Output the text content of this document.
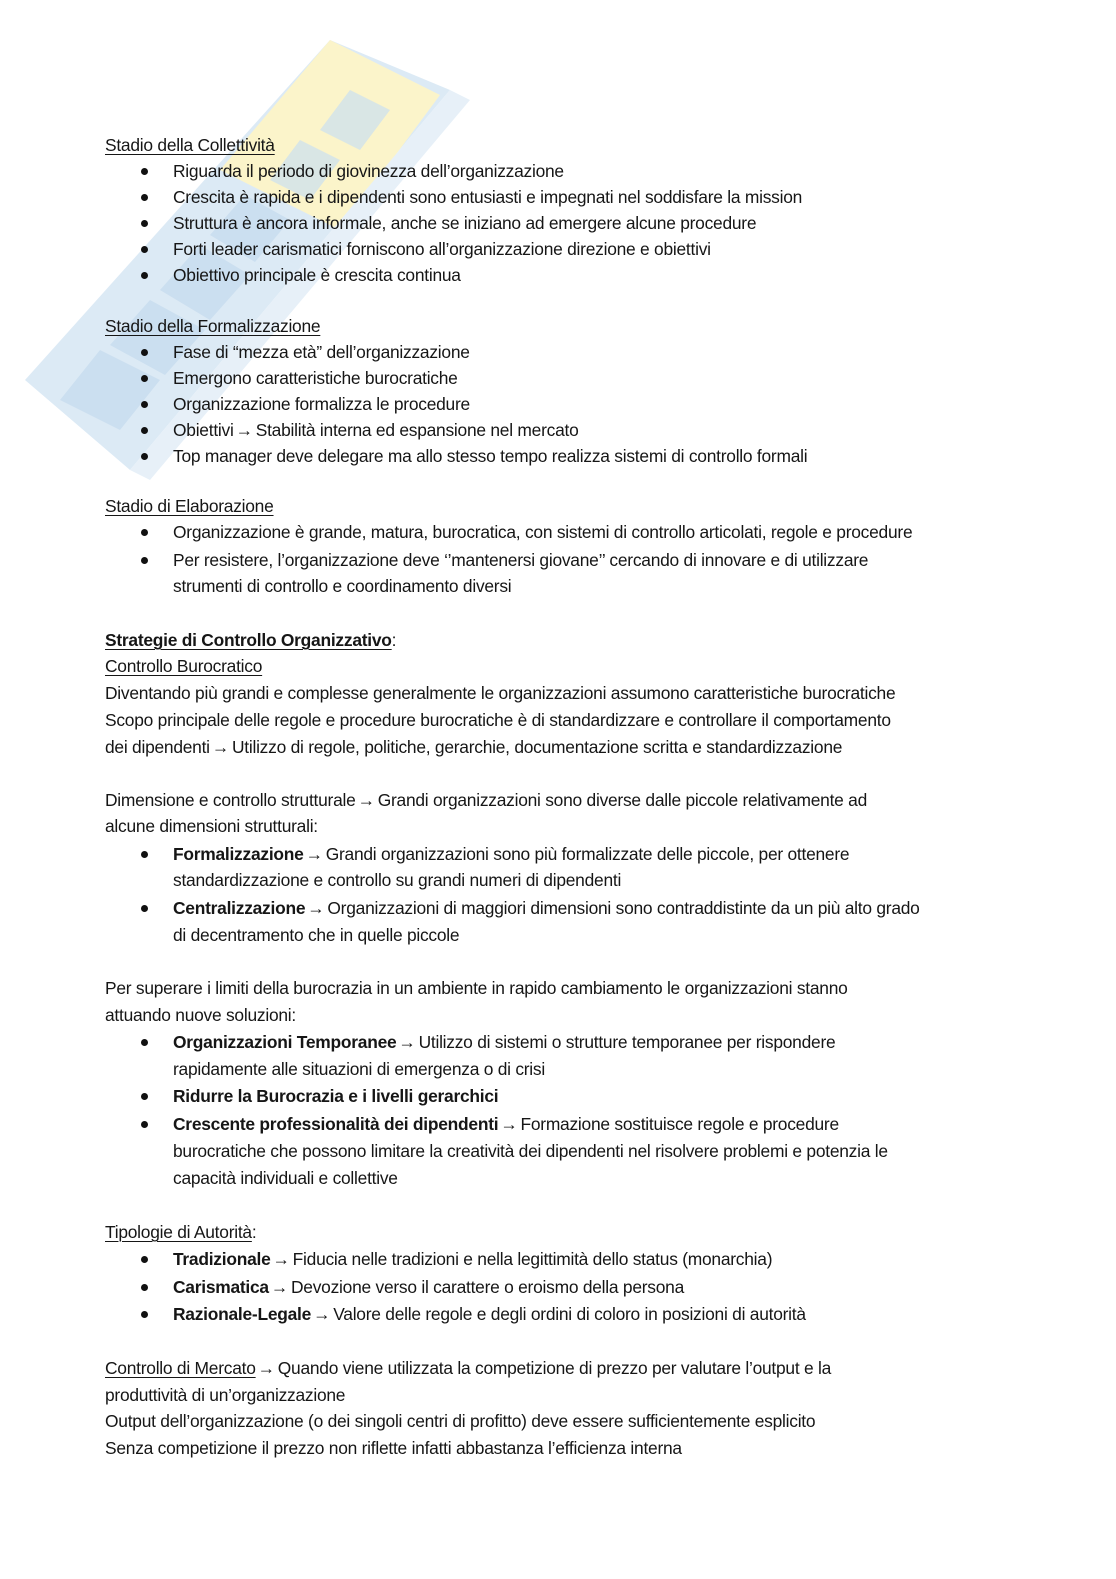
Stadio della Collettività
Riguarda il periodo di giovinezza dell’organizzazione
Crescita è rapida e i dipendenti sono entusiasti e impegnati nel soddisfare la mission
Struttura è ancora informale, anche se iniziano ad emergere alcune procedure
Forti leader carismatici forniscono all’organizzazione direzione e obiettivi
Obiettivo principale è crescita continua
Stadio della Formalizzazione
Fase di “mezza età” dell’organizzazione
Emergono caratteristiche burocratiche
Organizzazione formalizza le procedure
Obiettivi → Stabilità interna ed espansione nel mercato
Top manager deve delegare ma allo stesso tempo realizza sistemi di controllo formali
Stadio di Elaborazione
Organizzazione è grande, matura, burocratica, con sistemi di controllo articolati, regole e procedure
Per resistere, l’organizzazione deve ‘’mantenersi giovane’’ cercando di innovare e di utilizzare
strumenti di controllo e coordinamento diversi
Strategie di Controllo Organizzativo:
Controllo Burocratico
Diventando più grandi e complesse generalmente le organizzazioni assumono caratteristiche burocratiche
Scopo principale delle regole e procedure burocratiche è di standardizzare e controllare il comportamento
dei dipendenti → Utilizzo di regole, politiche, gerarchie, documentazione scritta e standardizzazione
Dimensione e controllo strutturale → Grandi organizzazioni sono diverse dalle piccole relativamente ad
alcune dimensioni strutturali:
Formalizzazione → Grandi organizzazioni sono più formalizzate delle piccole, per ottenere
standardizzazione e controllo su grandi numeri di dipendenti
Centralizzazione → Organizzazioni di maggiori dimensioni sono contraddistinte da un più alto grado
di decentramento che in quelle piccole
Per superare i limiti della burocrazia in un ambiente in rapido cambiamento le organizzazioni stanno
attuando nuove soluzioni:
Organizzazioni Temporanee → Utilizzo di sistemi o strutture temporanee per rispondere
rapidamente alle situazioni di emergenza o di crisi
Ridurre la Burocrazia e i livelli gerarchici
Crescente professionalità dei dipendenti → Formazione sostituisce regole e procedure
burocratiche che possono limitare la creatività dei dipendenti nel risolvere problemi e potenzia le
capacità individuali e collettive
Tipologie di Autorità:
Tradizionale → Fiducia nelle tradizioni e nella legittimità dello status (monarchia)
Carismatica → Devozione verso il carattere o eroismo della persona
Razionale-Legale → Valore delle regole e degli ordini di coloro in posizioni di autorità
Controllo di Mercato → Quando viene utilizzata la competizione di prezzo per valutare l’output e la
produttività di un’organizzazione
Output dell’organizzazione (o dei singoli centri di profitto) deve essere sufficientemente esplicito
Senza competizione il prezzo non riflette infatti abbastanza l’efficienza interna
